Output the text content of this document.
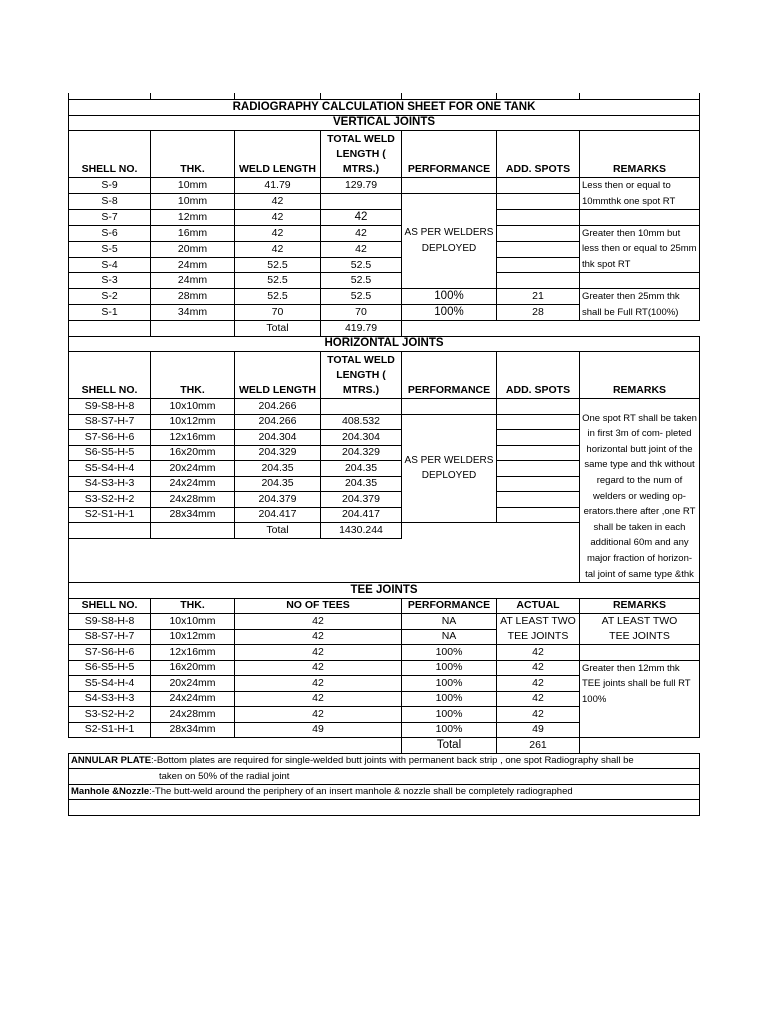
RADIOGRAPHY CALCULATION SHEET FOR ONE TANK						
VERTICAL JOINTS						
SHELL NO.	THK.	WELD LENGTH	TOTAL WELD LENGTH ( MTRS.)	PERFORMANCE	ADD. SPOTS	REMARKS
S-9	10mm	41.79	129.79			Less then or equal to 10mmthk one spot RT
S-8	10mm	42		AS PER WELDERS DEPLOYED		
S-7	12mm	42	42			
S-6	16mm	42	42			Greater then 10mm but less then or equal to 25mm thk spot RT
S-5	20mm	42	42			
S-4	24mm	52.5	52.5			
S-3	24mm	52.5	52.5			
S-2	28mm	52.5	52.5	100%	21	Greater then 25mm thk shall be Full RT(100%)
S-1	34mm	70	70	100%	28	
		Total	419.79			
HORIZONTAL JOINTS						
SHELL NO.	THK.	WELD LENGTH	TOTAL WELD LENGTH ( MTRS.)	PERFORMANCE	ADD. SPOTS	REMARKS
S9-S8-H-8	10x10mm	204.266				One spot RT shall be taken in first 3m of com- pleted horizontal butt joint of the same type and thk without regard to the num of welders or weding op- erators.there after ,one RT shall be taken in each additional 60m and any major fraction of horizon- tal joint of same type &thk
S8-S7-H-7	10x12mm	204.266	408.532	AS PER WELDERS DEPLOYED		
S7-S6-H-6	12x16mm	204.304	204.304			
S6-S5-H-5	16x20mm	204.329	204.329			
S5-S4-H-4	20x24mm	204.35	204.35			
S4-S3-H-3	24x24mm	204.35	204.35			
S3-S2-H-2	24x28mm	204.379	204.379			
S2-S1-H-1	28x34mm	204.417	204.417			
		Total	1430.244			

TEE JOINTS						
SHELL NO.	THK.	NO OF TEES		PERFORMANCE	ACTUAL	REMARKS
S9-S8-H-8	10x10mm	42		NA	AT LEAST TWO	AT LEAST TWO
S8-S7-H-7	10x12mm	42		NA	TEE JOINTS	TEE JOINTS
S7-S6-H-6	12x16mm	42		100%	42	
S6-S5-H-5	16x20mm	42		100%	42	Greater then 12mm thk TEE joints shall be full RT 100%
S5-S4-H-4	20x24mm	42		100%	42	
S4-S3-H-3	24x24mm	42		100%	42	
S3-S2-H-2	24x28mm	42		100%	42	
S2-S1-H-1	28x34mm	49		100%	49	
				Total	261	
ANNULAR PLATE:-Bottom plates are required for single-welded butt joints with permanent back strip , one spot Radiography shall be						
taken on 50% of the radial joint						
Manhole &Nozzle:-The butt-weld around the periphery of an insert manhole & nozzle shall be completely radiographed						
